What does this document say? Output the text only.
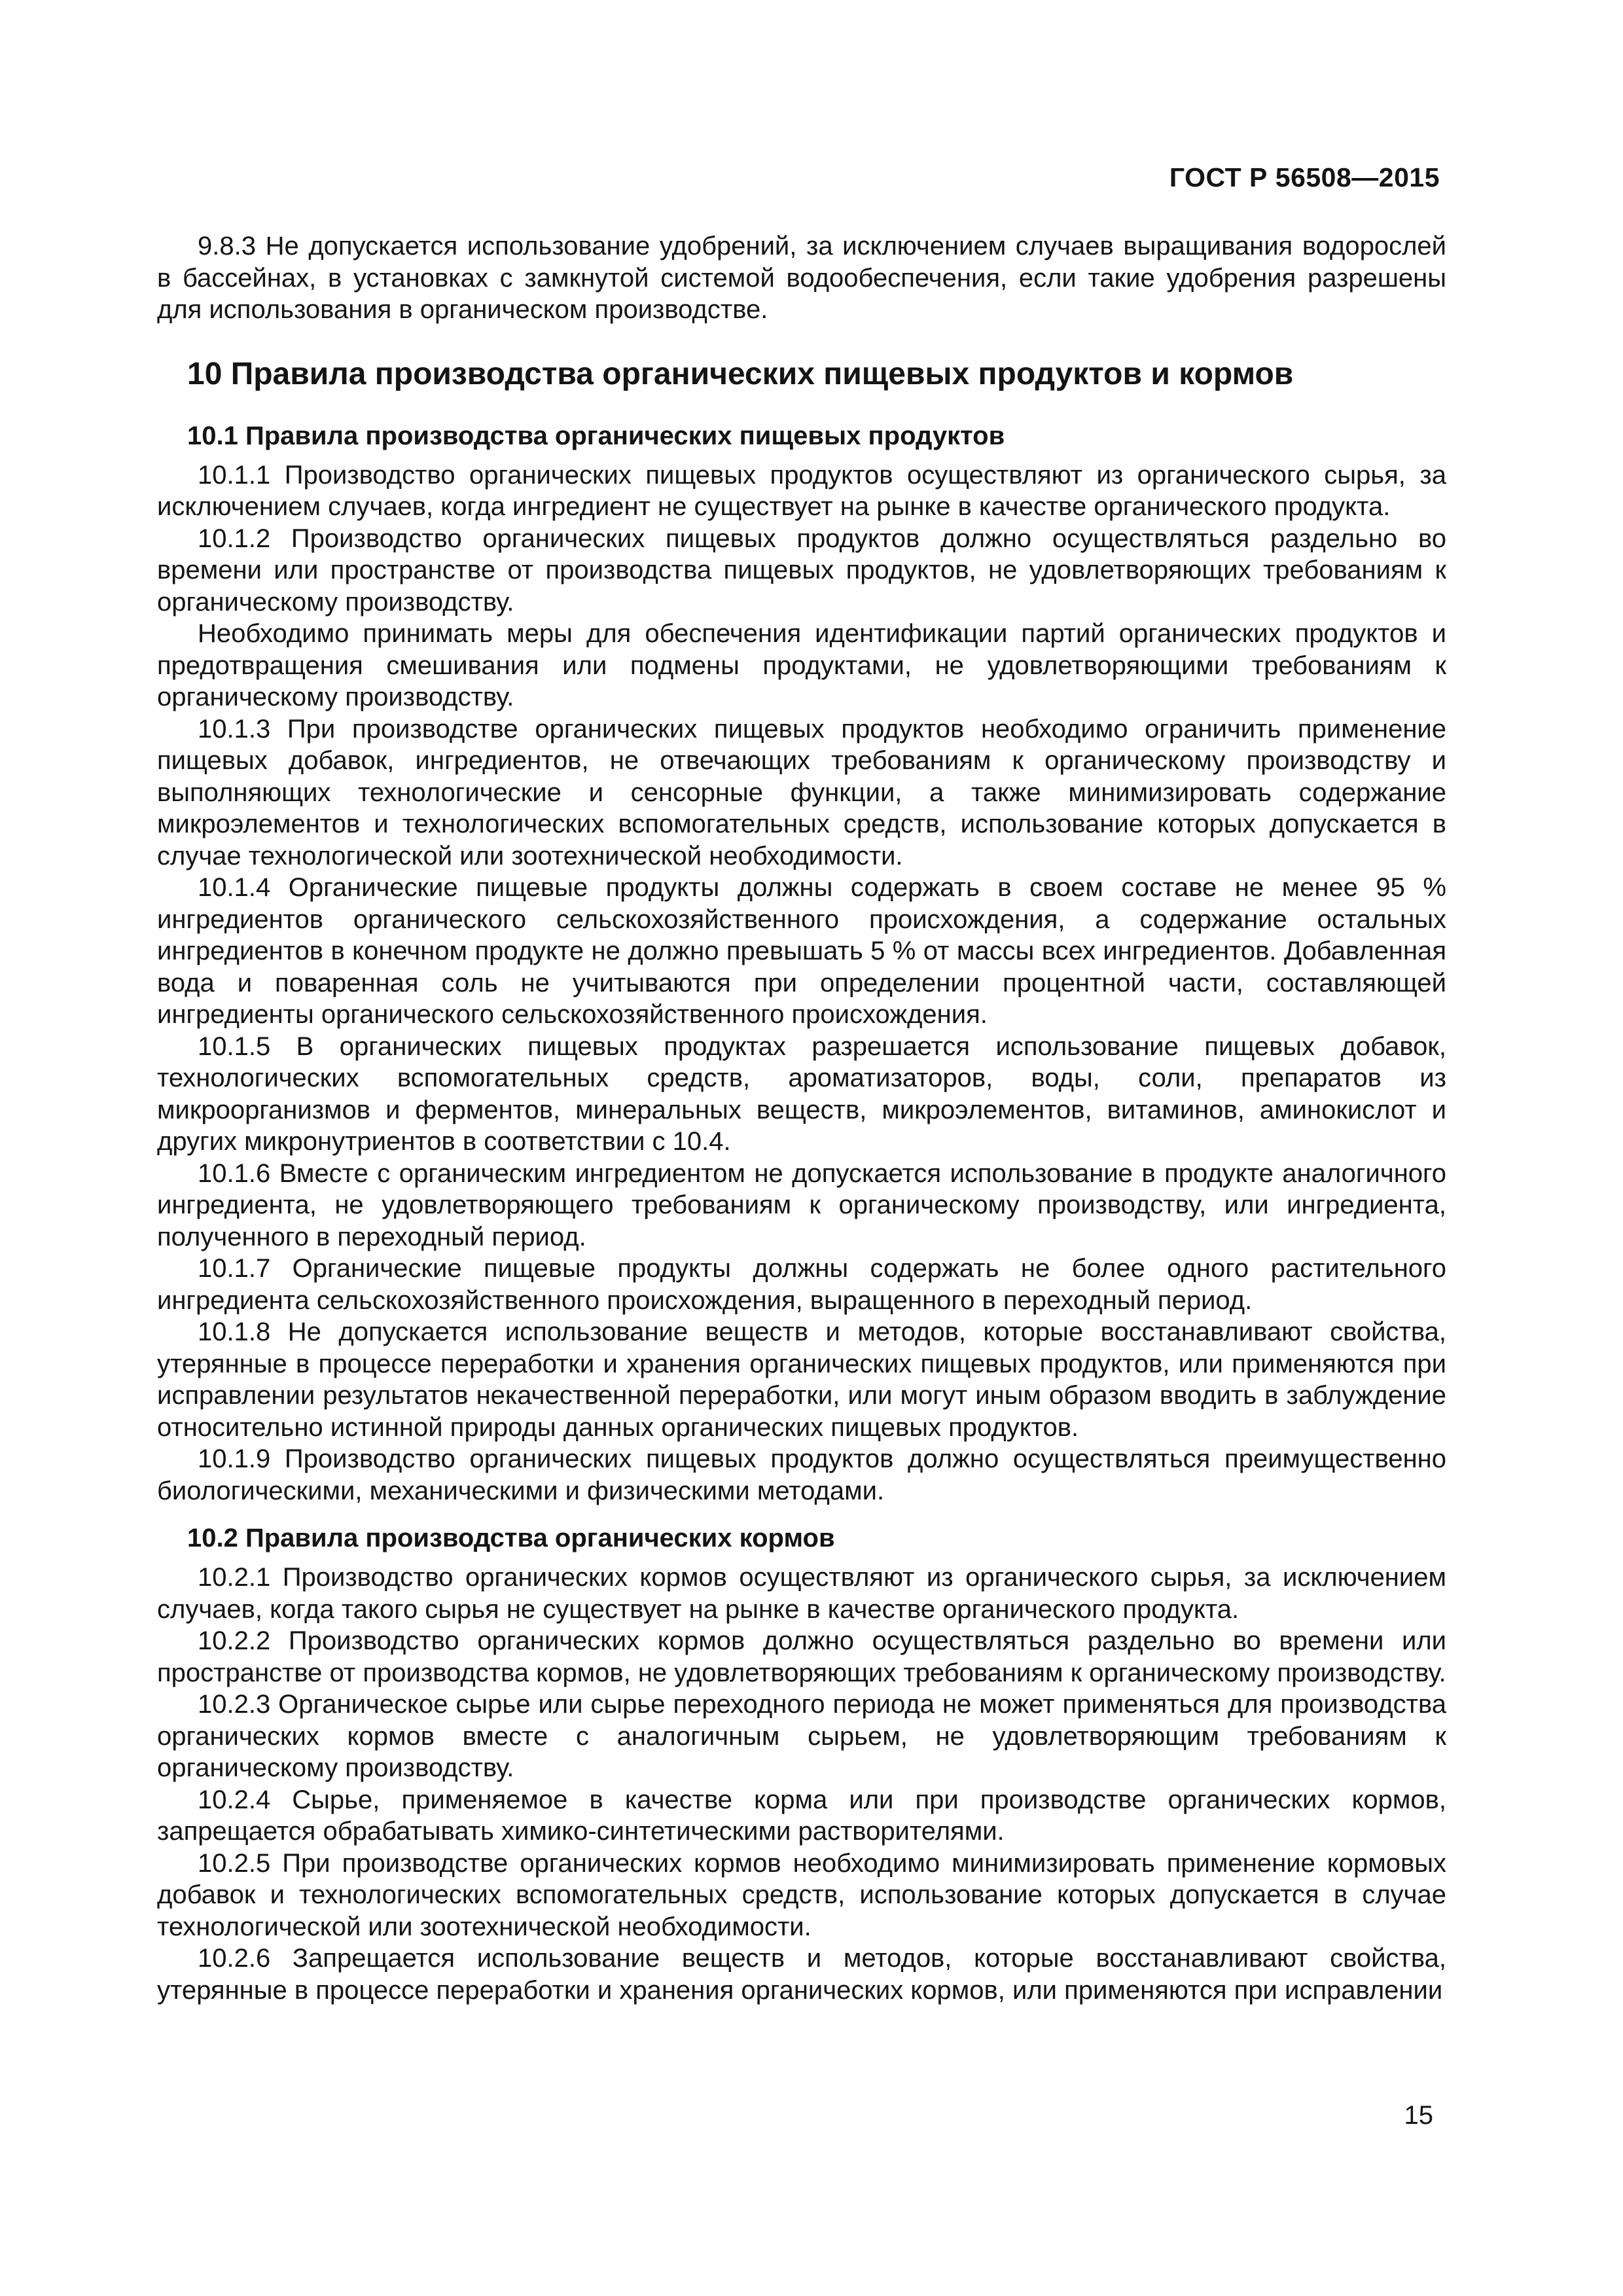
ГОСТ Р 56508—2015

9.8.3 Не допускается использование удобрений, за исключением случаев выращивания водорослей в бассейнах, в установках с замкнутой системой водообеспечения, если такие удобрения разрешены для использования в органическом производстве.

10 Правила производства органических пищевых продуктов и кормов
10.1 Правила производства органических пищевых продуктов

10.1.1 Производство органических пищевых продуктов осуществляют из органического сырья, за исключением случаев, когда ингредиент не существует на рынке в качестве органического продукта.

10.1.2 Производство органических пищевых продуктов должно осуществляться раздельно во времени или пространстве от производства пищевых продуктов, не удовлетворяющих требованиям к органическому производству.

Необходимо принимать меры для обеспечения идентификации партий органических продуктов и предотвращения смешивания или подмены продуктами, не удовлетворяющими требованиям к органическому производству.

10.1.3 При производстве органических пищевых продуктов необходимо ограничить применение пищевых добавок, ингредиентов, не отвечающих требованиям к органическому производству и выполняющих технологические и сенсорные функции, а также минимизировать содержание микроэлементов и технологических вспомогательных средств, использование которых допускается в случае технологической или зоотехнической необходимости.

10.1.4 Органические пищевые продукты должны содержать в своем составе не менее 95 % ингредиентов органического сельскохозяйственного происхождения, а содержание остальных ингредиентов в конечном продукте не должно превышать 5 % от массы всех ингредиентов. Добавленная вода и поваренная соль не учитываются при определении процентной части, составляющей ингредиенты органического сельскохозяйственного происхождения.

10.1.5 В органических пищевых продуктах разрешается использование пищевых добавок, технологических вспомогательных средств, ароматизаторов, воды, соли, препаратов из микроорганизмов и ферментов, минеральных веществ, микроэлементов, витаминов, аминокислот и других микронутриентов в соответствии с 10.4.

10.1.6 Вместе с органическим ингредиентом не допускается использование в продукте аналогичного ингредиента, не удовлетворяющего требованиям к органическому производству, или ингредиента, полученного в переходный период.

10.1.7 Органические пищевые продукты должны содержать не более одного растительного ингредиента сельскохозяйственного происхождения, выращенного в переходный период.

10.1.8 Не допускается использование веществ и методов, которые восстанавливают свойства, утерянные в процессе переработки и хранения органических пищевых продуктов, или применяются при исправлении результатов некачественной переработки, или могут иным образом вводить в заблуждение относительно истинной природы данных органических пищевых продуктов.

10.1.9 Производство органических пищевых продуктов должно осуществляться преимущественно биологическими, механическими и физическими методами.

10.2 Правила производства органических кормов

10.2.1 Производство органических кормов осуществляют из органического сырья, за исключением случаев, когда такого сырья не существует на рынке в качестве органического продукта.

10.2.2 Производство органических кормов должно осуществляться раздельно во времени или пространстве от производства кормов, не удовлетворяющих требованиям к органическому производству.

10.2.3 Органическое сырье или сырье переходного периода не может применяться для производства органических кормов вместе с аналогичным сырьем, не удовлетворяющим требованиям к органическому производству.

10.2.4 Сырье, применяемое в качестве корма или при производстве органических кормов, запрещается обрабатывать химико-синтетическими растворителями.

10.2.5 При производстве органических кормов необходимо минимизировать применение кормовых добавок и технологических вспомогательных средств, использование которых допускается в случае технологической или зоотехнической необходимости.

10.2.6 Запрещается использование веществ и методов, которые восстанавливают свойства, утерянные в процессе переработки и хранения органических кормов, или применяются при исправлении

15
